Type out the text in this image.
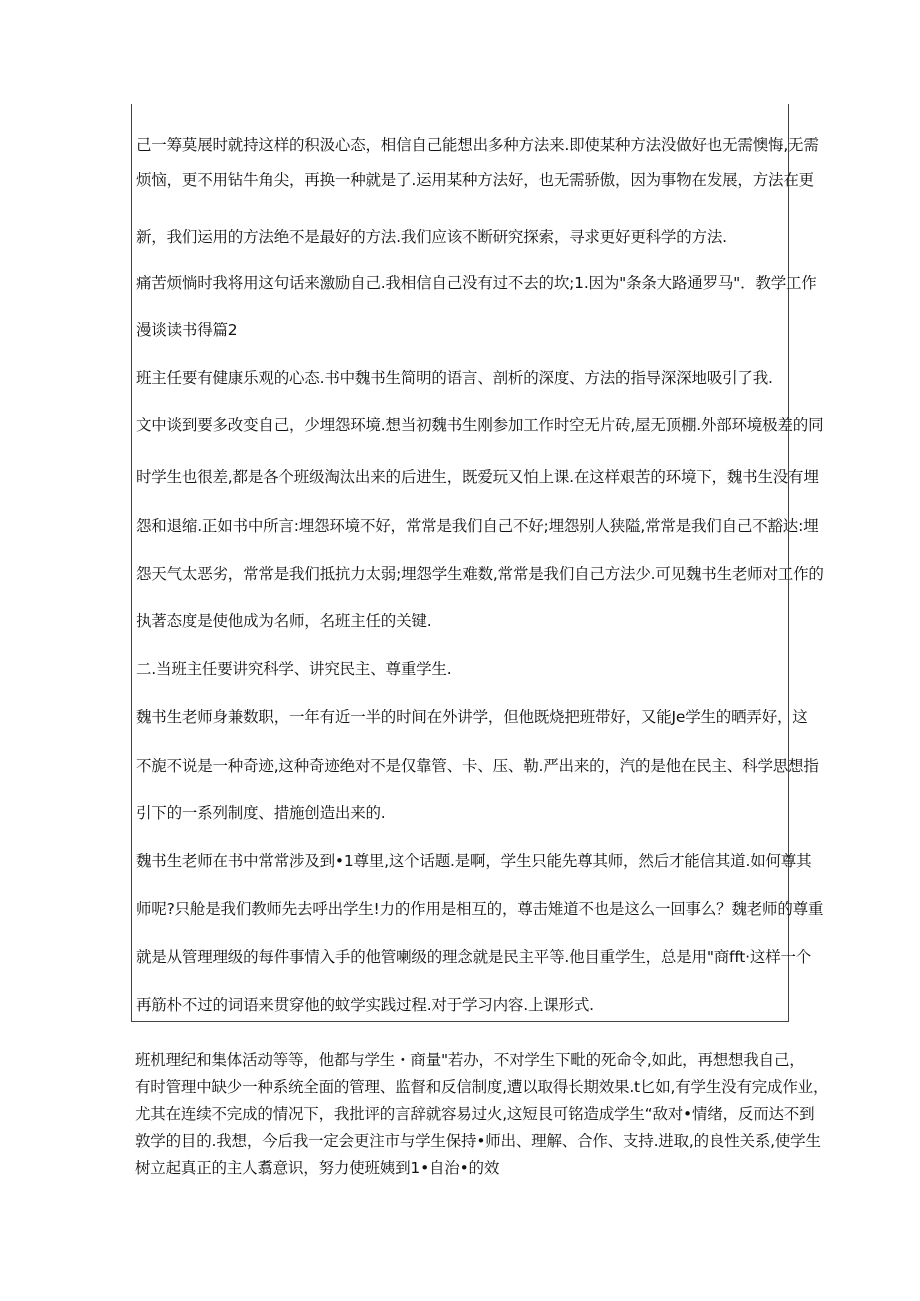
己一筹莫展时就持这样的积汲心态，相信自己能想出多种方法来.即使某种方法没做好也无需懊悔,无需
烦恼，更不用钻牛角尖，再换一种就是了.运用某种方法好，也无需骄傲，因为事物在发展，方法在更
新，我们运用的方法绝不是最好的方法.我们应该不断研究探索，寻求更好更科学的方法.
痛苦烦惝时我将用这句话来激励自己.我相信自己没有过不去的坎;1.因为"条条大路通罗马"．教学工作
漫谈读书得篇2
班主任要有健康乐观的心态.书中魏书生简明的语言、剖析的深度、方法的指导深深地吸引了我.
文中谈到要多改变自己，少埋怨环境.想当初魏书生刚参加工作时空无片砖,屋无顶棚.外部环境极差的同
时学生也很差,都是各个班级淘汰出来的后进生，既爱玩又怕上课.在这样艰苦的环境下，魏书生没有埋
怨和退缩.正如书中所言:埋怨环境不好，常常是我们自己不好;埋怨别人狭隘,常常是我们自己不豁达:埋
怨天气太恶劣，常常是我们抵抗力太弱;埋怨学生难数,常常是我们自己方法少.可见魏书生老师对工作的
执著态度是使他成为名师，名班主任的关键.
二.当班主任要讲究科学、讲究民主、尊重学生.
魏书生老师身兼数职，一年有近一半的时间在外讲学，但他既烧把班带好，又能Je学生的晒弄好，这
不旎不说是一种奇迹,这种奇迹绝对不是仅靠管、卡、压、勒.严出来的，汽的是他在民主、科学思想指
引下的一系列制度、措施创造出来的.
魏书生老师在书中常常涉及到•1尊里,这个话题.是啊，学生只能先尊其师，然后才能信其道.如何尊其
师呢?只舱是我们教师先去呼出学生!力的作用是相互的，尊击雉道不也是这么一回事么？魏老师的尊重
就是从管理理级的每件事情入手的他管喇级的理念就是民主平等.他目重学生，总是用"商fft·这样一个
再筋朴不过的词语来贯穿他的蚊学实践过程.对于学习内容.上课形式.
班机理纪和集体活动等等，他都与学生・商量"若办，不对学生下毗的死命令,如此，再想想我自己，
有时管理中缺少一种系统全面的管理、监督和反信制度,遭以取得长期效果.t匕如,有学生没有完成作业，
尤其在连续不完成的情况下，我批评的言辞就容易过火,这短艮可铭造成学生“敌对•情绪，反而达不到
敦学的目的.我想，今后我一定会更注市与学生保持•师出、理解、合作、支持.进取,的良性关系,使学生
树立起真正的主人翥意识，努力使班姨到1•自治•的效
